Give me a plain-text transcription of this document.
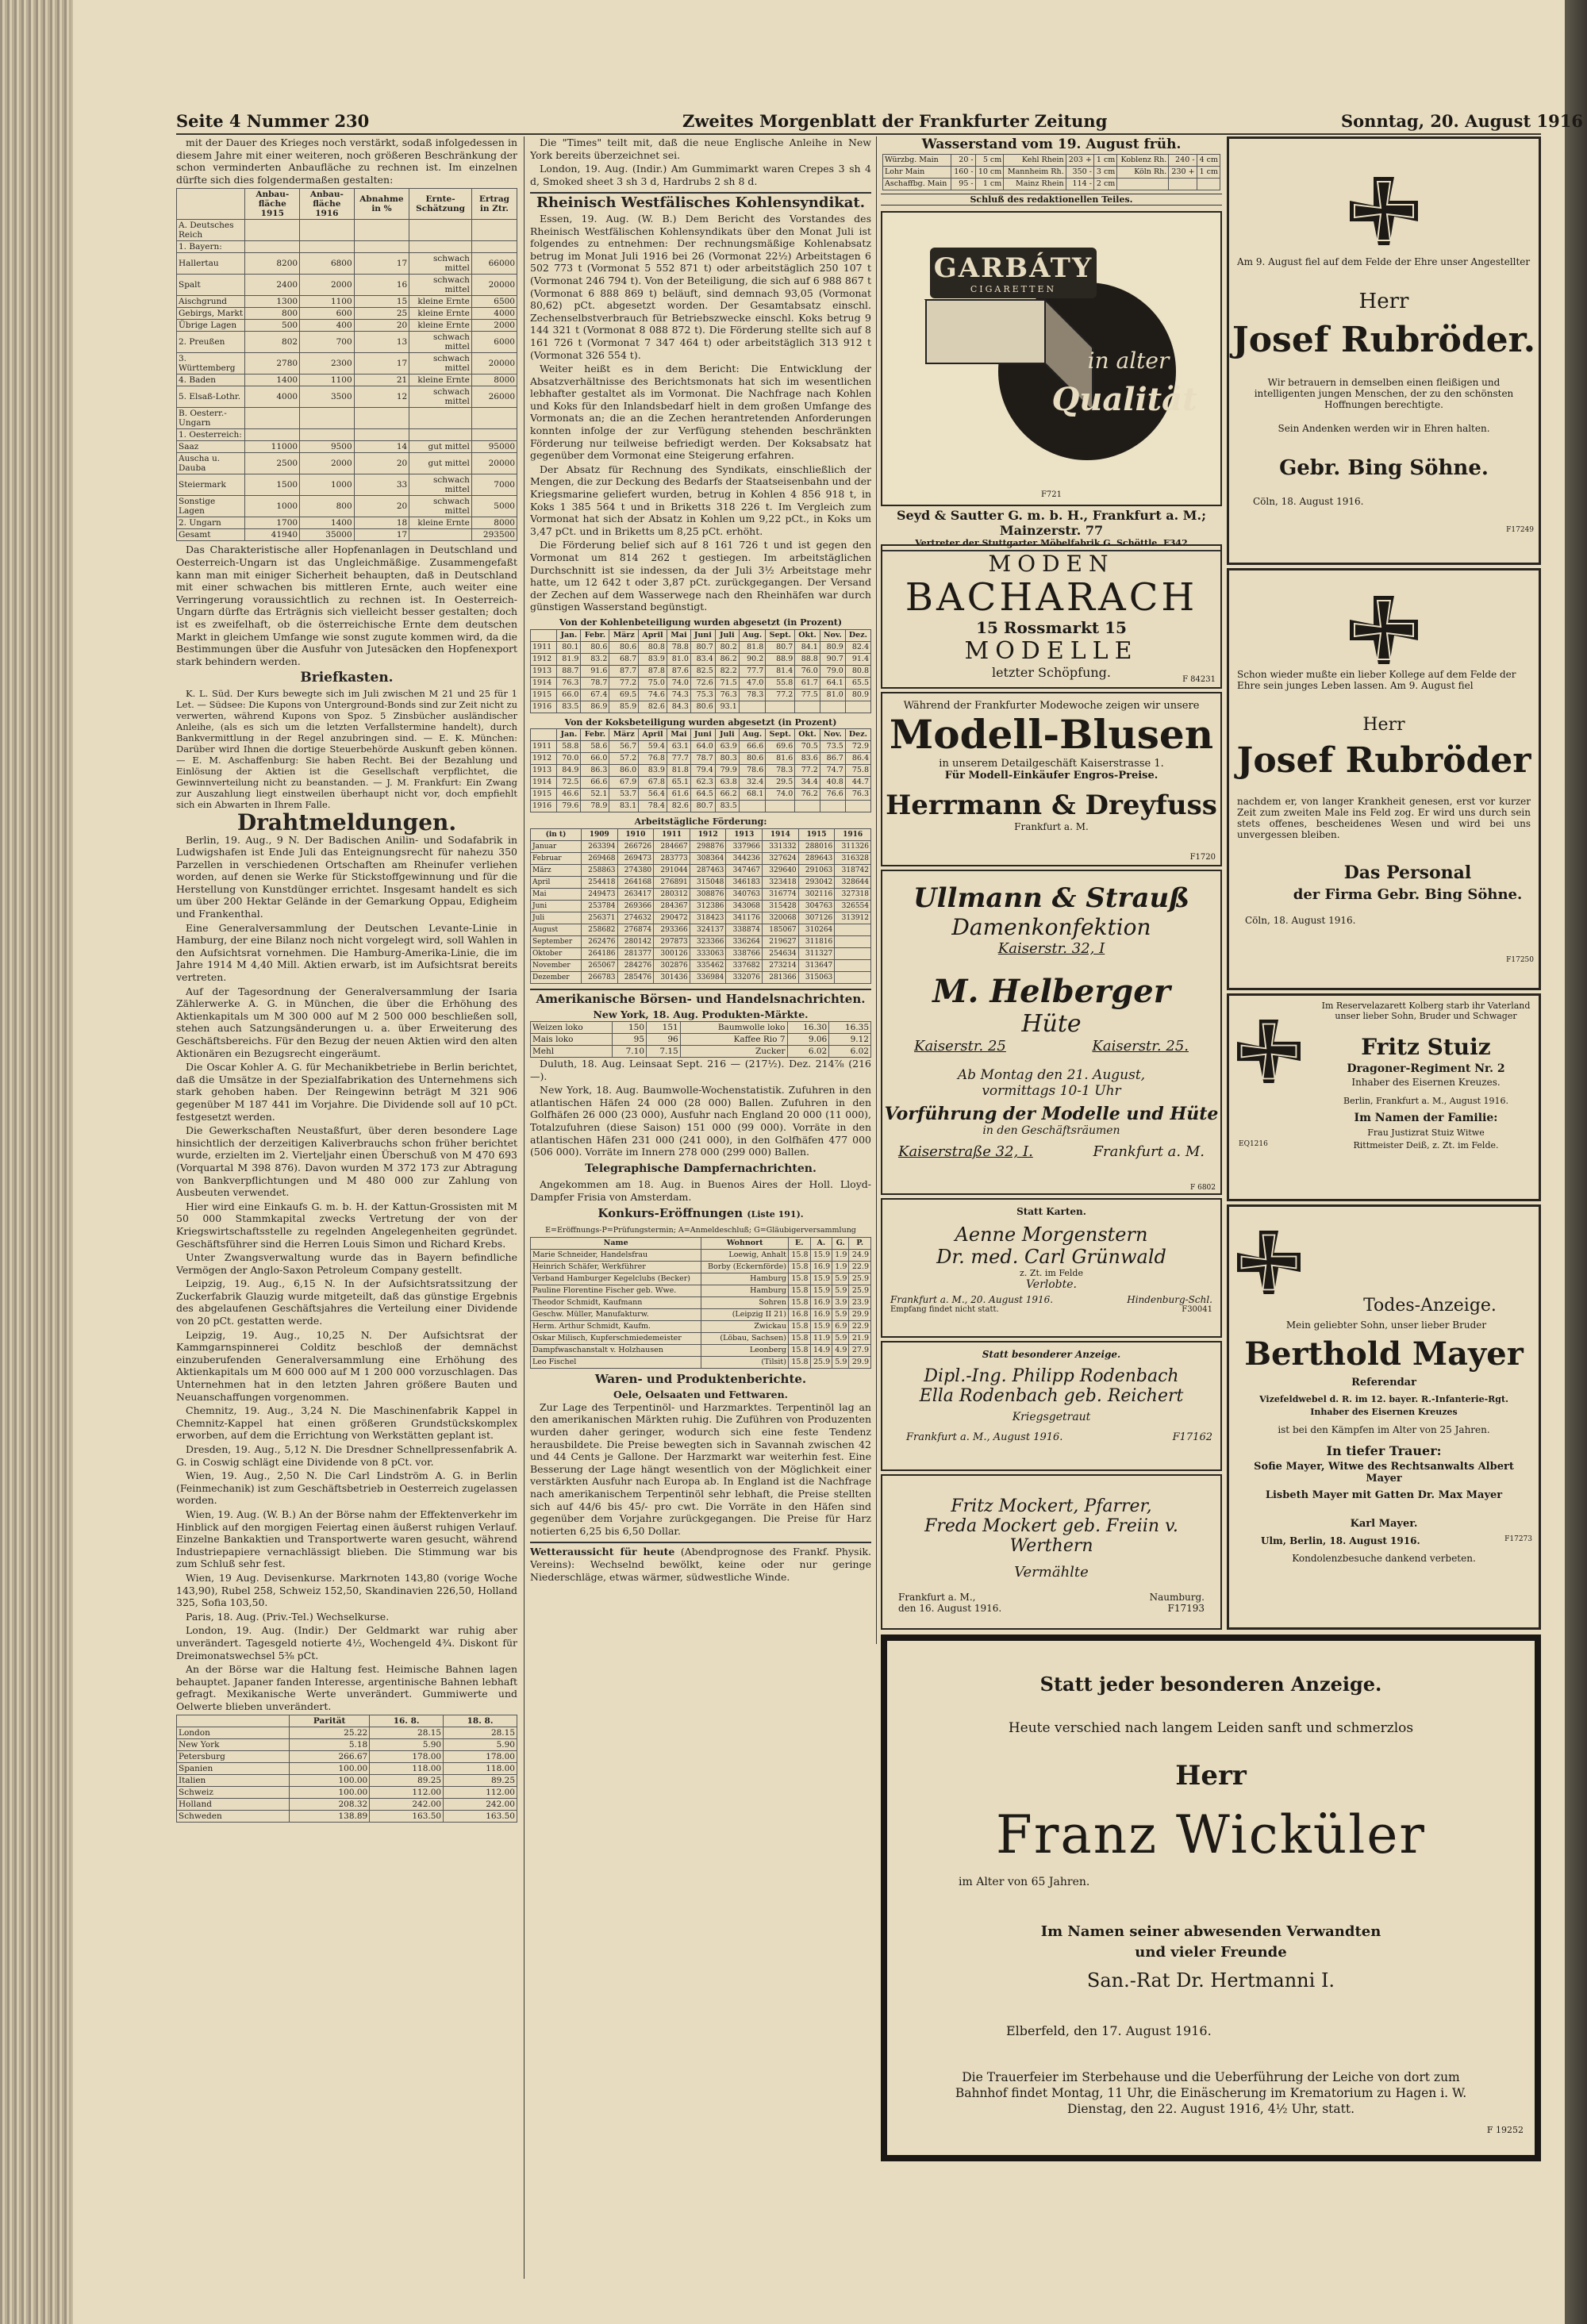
Seite 4 Nummer 230	Zweites Morgenblatt der Frankfurter Zeitung	Sonntag, 20. August 1916

mit der Dauer des Krieges noch verstärkt, sodaß infolgedessen in diesem Jahre mit einer weiteren, noch größeren Beschränkung der schon verminderten Anbaufläche zu rechnen ist. Im einzelnen dürfte sich dies folgendermaßen gestalten:

	Anbau-fläche 1915	Anbau-fläche 1916	Abnahme in %	Ernte-Schätzung	Ertrag in Ztr.
A. Deutsches Reich					
1. Bayern:					
Hallertau	8200	6800	17	schwach mittel	66000
Spalt	2400	2000	16	schwach mittel	20000
Aischgrund	1300	1100	15	kleine Ernte	6500
Gebirgs, Markt	800	600	25	kleine Ernte	4000
Übrige Lagen	500	400	20	kleine Ernte	2000
2. Preußen	802	700	13	schwach mittel	6000
3. Württemberg	2780	2300	17	schwach mittel	20000
4. Baden	1400	1100	21	kleine Ernte	8000
5. Elsaß-Lothr.	4000	3500	12	schwach mittel	26000
B. Oesterr.-Ungarn					
1. Oesterreich:					
Saaz	11000	9500	14	gut mittel	95000
Auscha u. Dauba	2500	2000	20	gut mittel	20000
Steiermark	1500	1000	33	schwach mittel	7000
Sonstige Lagen	1000	800	20	schwach mittel	5000
2. Ungarn	1700	1400	18	kleine Ernte	8000
Gesamt	41940	35000	17		293500

Das Charakteristische aller Hopfenanlagen in Deutschland und Oesterreich-Ungarn ist das Ungleichmäßige. Zusammengefaßt kann man mit einiger Sicherheit behaupten, daß in Deutschland mit einer schwachen bis mittleren Ernte, auch weiter eine Verringerung voraussichtlich zu rechnen ist. In Oesterreich-Ungarn dürfte das Erträgnis sich vielleicht besser gestalten; doch ist es zweifelhaft, ob die österreichische Ernte dem deutschen Markt in gleichem Umfange wie sonst zugute kommen wird, da die Bestimmungen über die Ausfuhr von Jutesäcken den Hopfenexport stark behindern werden.

Briefkasten.

K. L. Süd. Der Kurs bewegte sich im Juli zwischen M 21 und 25 für 1 Let. — Südsee: Die Kupons von Unterground-Bonds sind zur Zeit nicht zu verwerten, während Kupons von Spoz. 5 Zinsbücher ausländischer Anleihe, (als es sich um die letzten Verfallstermine handelt), durch Bankvermittlung in der Regel anzubringen sind. — E. K. München: Darüber wird Ihnen die dortige Steuerbehörde Auskunft geben können. — E. M. Aschaffenburg: Sie haben Recht. Bei der Bezahlung und Einlösung der Aktien ist die Gesellschaft verpflichtet, die Gewinnverteilung nicht zu beanstanden. — J. M. Frankfurt: Ein Zwang zur Auszahlung liegt einstweilen überhaupt nicht vor, doch empfiehlt sich ein Abwarten in Ihrem Falle.

Drahtmeldungen.

Berlin, 19. Aug., 9 N. Der Badischen Anilin- und Sodafabrik in Ludwigshafen ist Ende Juli das Enteignungsrecht für nahezu 350 Parzellen in verschiedenen Ortschaften am Rheinufer verliehen worden, auf denen sie Werke für Stickstoffgewinnung und für die Herstellung von Kunstdünger errichtet. Insgesamt handelt es sich um über 200 Hektar Gelände in der Gemarkung Oppau, Edigheim und Frankenthal.

Eine Generalversammlung der Deutschen Levante-Linie in Hamburg, der eine Bilanz noch nicht vorgelegt wird, soll Wahlen in den Aufsichtsrat vornehmen. Die Hamburg-Amerika-Linie, die im Jahre 1914 M 4,40 Mill. Aktien erwarb, ist im Aufsichtsrat bereits vertreten.

Auf der Tagesordnung der Generalversammlung der Isaria Zählerwerke A. G. in München, die über die Erhöhung des Aktienkapitals um M 300 000 auf M 2 500 000 beschließen soll, stehen auch Satzungsänderungen u. a. über Erweiterung des Geschäftsbereichs. Für den Bezug der neuen Aktien wird den alten Aktionären ein Bezugsrecht eingeräumt.

Die Oscar Kohler A. G. für Mechanikbetriebe in Berlin berichtet, daß die Umsätze in der Spezialfabrikation des Unternehmens sich stark gehoben haben. Der Reingewinn beträgt M 321 906 gegenüber M 187 441 im Vorjahre. Die Dividende soll auf 10 pCt. festgesetzt werden.

Die Gewerkschaften Neustaßfurt, über deren besondere Lage hinsichtlich der derzeitigen Kaliverbrauchs schon früher berichtet wurde, erzielten im 2. Vierteljahr einen Überschuß von M 470 693 (Vorquartal M 398 876). Davon wurden M 372 173 zur Abtragung von Bankverpflichtungen und M 480 000 zur Zahlung von Ausbeuten verwendet.

Hier wird eine Einkaufs G. m. b. H. der Kattun-Grossisten mit M 50 000 Stammkapital zwecks Vertretung der von der Kriegswirtschaftsstelle zu regelnden Angelegenheiten gegründet. Geschäftsführer sind die Herren Louis Simon und Richard Krebs.

Unter Zwangsverwaltung wurde das in Bayern befindliche Vermögen der Anglo-Saxon Petroleum Company gestellt.

Leipzig, 19. Aug., 6,15 N. In der Aufsichtsratssitzung der Zuckerfabrik Glauzig wurde mitgeteilt, daß das günstige Ergebnis des abgelaufenen Geschäftsjahres die Verteilung einer Dividende von 20 pCt. gestatten werde.

Leipzig, 19. Aug., 10,25 N. Der Aufsichtsrat der Kammgarnspinnerei Colditz beschloß der demnächst einzuberufenden Generalversammlung eine Erhöhung des Aktienkapitals um M 600 000 auf M 1 200 000 vorzuschlagen. Das Unternehmen hat in den letzten Jahren größere Bauten und Neuanschaffungen vorgenommen.

Chemnitz, 19. Aug., 3,24 N. Die Maschinenfabrik Kappel in Chemnitz-Kappel hat einen größeren Grundstückskomplex erworben, auf dem die Errichtung von Werkstätten geplant ist.

Dresden, 19. Aug., 5,12 N. Die Dresdner Schnellpressenfabrik A. G. in Coswig schlägt eine Dividende von 8 pCt. vor.

Wien, 19. Aug., 2,50 N. Die Carl Lindström A. G. in Berlin (Feinmechanik) ist zum Geschäftsbetrieb in Oesterreich zugelassen worden.

Wien, 19. Aug. (W. B.) An der Börse nahm der Effektenverkehr im Hinblick auf den morgigen Feiertag einen äußerst ruhigen Verlauf. Einzelne Bankaktien und Transportwerte waren gesucht, während Industriepapiere vernachlässigt blieben. Die Stimmung war bis zum Schluß sehr fest.

Wien, 19 Aug. Devisenkurse. Markrnoten 143,80 (vorige Woche 143,90), Rubel 258, Schweiz 152,50, Skandinavien 226,50, Holland 325, Sofia 103,50.

Paris, 18. Aug. (Priv.-Tel.) Wechselkurse.

London, 19. Aug. (Indir.) Der Geldmarkt war ruhig aber unverändert. Tagesgeld notierte 4½, Wochengeld 4¾. Diskont für Dreimonatswechsel 5⅜ pCt.

An der Börse war die Haltung fest. Heimische Bahnen lagen behauptet. Japaner fanden Interesse, argentinische Bahnen lebhaft gefragt. Mexikanische Werte unverändert. Gummiwerte und Oelwerte blieben unverändert.

	Parität	16. 8.	18. 8.
London	25.22	28.15	28.15
New York	5.18	5.90	5.90
Petersburg	266.67	178.00	178.00
Spanien	100.00	118.00	118.00
Italien	100.00	89.25	89.25
Schweiz	100.00	112.00	112.00
Holland	208.32	242.00	242.00
Schweden	138.89	163.50	163.50

Die "Times" teilt mit, daß die neue Englische Anleihe in New York bereits überzeichnet sei.

London, 19. Aug. (Indir.) Am Gummimarkt waren Crepes 3 sh 4 d, Smoked sheet 3 sh 3 d, Hardrubs 2 sh 8 d.

Rheinisch Westfälisches Kohlensyndikat.

Essen, 19. Aug. (W. B.) Dem Bericht des Vorstandes des Rheinisch Westfälischen Kohlensyndikats über den Monat Juli ist folgendes zu entnehmen: Der rechnungsmäßige Kohlenabsatz betrug im Monat Juli 1916 bei 26 (Vormonat 22½) Arbeitstagen 6 502 773 t (Vormonat 5 552 871 t) oder arbeitstäglich 250 107 t (Vormonat 246 794 t). Von der Beteiligung, die sich auf 6 988 867 t (Vormonat 6 888 869 t) beläuft, sind demnach 93,05 (Vormonat 80,62) pCt. abgesetzt worden. Der Gesamtabsatz einschl. Zechenselbstverbrauch für Betriebszwecke einschl. Koks betrug 9 144 321 t (Vormonat 8 088 872 t). Die Förderung stellte sich auf 8 161 726 t (Vormonat 7 347 464 t) oder arbeitstäglich 313 912 t (Vormonat 326 554 t).

Weiter heißt es in dem Bericht: Die Entwicklung der Absatzverhältnisse des Berichtsmonats hat sich im wesentlichen lebhafter gestaltet als im Vormonat. Die Nachfrage nach Kohlen und Koks für den Inlandsbedarf hielt in dem großen Umfange des Vormonats an; die an die Zechen herantretenden Anforderungen konnten infolge der zur Verfügung stehenden beschränkten Förderung nur teilweise befriedigt werden. Der Koksabsatz hat gegenüber dem Vormonat eine Steigerung erfahren.

Der Absatz für Rechnung des Syndikats, einschließlich der Mengen, die zur Deckung des Bedarfs der Staatseisenbahn und der Kriegsmarine geliefert wurden, betrug in Kohlen 4 856 918 t, in Koks 1 385 564 t und in Briketts 318 226 t. Im Vergleich zum Vormonat hat sich der Absatz in Kohlen um 9,22 pCt., in Koks um 3,47 pCt. und in Briketts um 8,25 pCt. erhöht.

Die Förderung belief sich auf 8 161 726 t und ist gegen den Vormonat um 814 262 t gestiegen. Im arbeitstäglichen Durchschnitt ist sie indessen, da der Juli 3½ Arbeitstage mehr hatte, um 12 642 t oder 3,87 pCt. zurückgegangen. Der Versand der Zechen auf dem Wasserwege nach den Rheinhäfen war durch günstigen Wasserstand begünstigt.

Von der Kohlenbeteiligung wurden abgesetzt (in Prozent)
	Jan.	Febr.	März	April	Mai	Juni	Juli	Aug.	Sept.	Okt.	Nov.	Dez.
1911	80.1	80.6	80.6	80.8	78.8	80.7	80.2	81.8	80.7	84.1	80.9	82.4
1912	81.9	83.2	68.7	83.9	81.0	83.4	86.2	90.2	88.9	88.8	90.7	91.4
1913	88.7	91.6	87.7	87.8	87.6	82.5	82.2	77.7	81.4	76.0	79.0	80.8
1914	76.3	78.7	77.2	75.0	74.0	72.6	71.5	47.0	55.8	61.7	64.1	65.5
1915	66.0	67.4	69.5	74.6	74.3	75.3	76.3	78.3	77.2	77.5	81.0	80.9
1916	83.5	86.9	85.9	82.6	84.3	80.6	93.1					
Von der Koksbeteiligung wurden abgesetzt (in Prozent)
	Jan.	Febr.	März	April	Mai	Juni	Juli	Aug.	Sept.	Okt.	Nov.	Dez.
1911	58.8	58.6	56.7	59.4	63.1	64.0	63.9	66.6	69.6	70.5	73.5	72.9
1912	70.0	66.0	57.2	76.8	77.7	78.7	80.3	80.6	81.6	83.6	86.7	86.4
1913	84.9	86.3	86.0	83.9	81.8	79.4	79.9	78.6	78.3	77.2	74.7	75.8
1914	72.5	66.6	67.9	67.8	65.1	62.3	63.8	32.4	29.5	34.4	40.8	44.7
1915	46.6	52.1	53.7	56.4	61.6	64.5	66.2	68.1	74.0	76.2	76.6	76.3
1916	79.6	78.9	83.1	78.4	82.6	80.7	83.5					
Arbeitstägliche Förderung:
(in t)	1909	1910	1911	1912	1913	1914	1915	1916
Januar	263394	266726	284667	298876	337966	331332	288016	311326
Februar	269468	269473	283773	308364	344236	327624	289643	316328
März	258863	274380	291044	287463	347467	329640	291063	318742
April	254418	264168	276891	315048	346183	323418	293042	328644
Mai	249473	263417	280312	308876	340763	316774	302116	327318
Juni	253784	269366	284367	312386	343068	315428	304763	326554
Juli	256371	274632	290472	318423	341176	320068	307126	313912
August	258682	276874	293366	324137	338874	185067	310264	
September	262476	280142	297873	323366	336264	219627	311816	
Oktober	264186	281377	300126	333063	338766	254634	311327	
November	265067	284276	302876	335462	337682	273214	313647	
Dezember	266783	285476	301436	336984	332076	281366	315063	
Amerikanische Börsen- und Handelsnachrichten.
New York, 18. Aug. Produkten-Märkte.
Weizen loko	150	151	Baumwolle loko	16.30	16.35
Mais loko	95	96	Kaffee Rio 7	9.06	9.12
Mehl	7.10	7.15	Zucker	6.02	6.02

Duluth, 18. Aug. Leinsaat Sept. 216 — (217½). Dez. 214⅞ (216 —).

New York, 18. Aug. Baumwolle-Wochenstatistik. Zufuhren in den atlantischen Häfen 24 000 (28 000) Ballen. Zufuhren in den Golfhäfen 26 000 (23 000), Ausfuhr nach England 20 000 (11 000), Totalzufuhren (diese Saison) 151 000 (99 000). Vorräte in den atlantischen Häfen 231 000 (241 000), in den Golfhäfen 477 000 (506 000). Vorräte im Innern 278 000 (299 000) Ballen.

Telegraphische Dampfernachrichten.

Angekommen am 18. Aug. in Buenos Aires der Holl. Lloyd-Dampfer Frisia von Amsterdam.

Konkurs-Eröffnungen (Liste 191).
E=Eröffnungs-P=Prüfungstermin; A=Anmeldeschluß; G=Gläubigerversammlung
Name	Wohnort	E.	A.	G.	P.
Marie Schneider, Handelsfrau	Loewig, Anhalt	15.8	15.9	1.9	24.9
Heinrich Schäfer, Werkführer	Borby (Eckernförde)	15.8	16.9	1.9	22.9
Verband Hamburger Kegelclubs (Becker)	Hamburg	15.8	15.9	5.9	25.9
Pauline Florentine Fischer geb. Wwe.	Hamburg	15.8	15.9	5.9	25.9
Theodor Schmidt, Kaufmann	Sohren	15.8	16.9	3.9	23.9
Geschw. Müller, Manufakturw.	(Leipzig II 21)	16.8	16.9	5.9	29.9
Herm. Arthur Schmidt, Kaufm.	Zwickau	15.8	15.9	6.9	22.9
Oskar Milisch, Kupferschmiedemeister	(Löbau, Sachsen)	15.8	11.9	5.9	21.9
Dampfwaschanstalt v. Holzhausen	Leonberg	15.8	14.9	4.9	27.9
Leo Fischel	(Tilsit)	15.8	25.9	5.9	29.9
Waren- und Produktenberichte.
Oele, Oelsaaten und Fettwaren.

Zur Lage des Terpentinöl- und Harzmarktes. Terpentinöl lag an den amerikanischen Märkten ruhig. Die Zuführen von Produzenten wurden daher geringer, wodurch sich eine feste Tendenz herausbildete. Die Preise bewegten sich in Savannah zwischen 42 und 44 Cents je Gallone. Der Harzmarkt war weiterhin fest. Eine Besserung der Lage hängt wesentlich von der Möglichkeit einer verstärkten Ausfuhr nach Europa ab. In England ist die Nachfrage nach amerikanischem Terpentinöl sehr lebhaft, die Preise stellten sich auf 44/6 bis 45/- pro cwt. Die Vorräte in den Häfen sind gegenüber dem Vorjahre zurückgegangen. Die Preise für Harz notierten 6,25 bis 6,50 Dollar.

Wetteraussicht für heute (Abendprognose des Frankf. Physik. Vereins): Wechselnd bewölkt, keine oder nur geringe Niederschläge, etwas wärmer, südwestliche Winde.
Wasserstand vom 19. August früh.
Würzbg. Main	20 -	5 cm	Kehl Rhein	203 +	1 cm	Koblenz Rh.	240 -	4 cm
Lohr Main	160 -	10 cm	Mannheim Rh.	350 -	3 cm	Köln Rh.	230 +	1 cm
Aschaffbg. Main	95 -	1 cm	Mainz Rhein	114 -	2 cm			
Schluß des redaktionellen Teiles.
GARBÁTY
CIGARETTEN
in alter
Qualität
F721
Seyd & Sautter G. m. b. H., Frankfurt a. M.; Mainzerstr. 77
Vertreter der Stuttgarter Möbelfabrik G. Schöttle. F342
MODEN
BACHARACH
15 Rossmarkt 15
MODELLE
letzter Schöpfung.	F 84231
Während der Frankfurter Modewoche zeigen wir unsere
Modell-Blusen
in unserem Detailgeschäft Kaiserstrasse 1.
Für Modell-Einkäufer Engros-Preise.
Herrmann & Dreyfuss
Frankfurt a. M.
F1720
Ullmann & Strauß
Damenkonfektion
Kaiserstr. 32, I
M. Helberger
Hüte
Kaiserstr. 25	Kaiserstr. 25.
Ab Montag den 21. August,
vormittags 10-1 Uhr
Vorführung der Modelle und Hüte
in den Geschäftsräumen
Kaiserstraße 32, I.	Frankfurt a. M.
F 6802
Statt Karten.
Aenne Morgenstern
Dr. med. Carl Grünwald
z. Zt. im Felde
Verlobte.
Frankfurt a. M., 20. August 1916.	Hindenburg-Schl.
Empfang findet nicht statt.	F30041
Statt besonderer Anzeige.
Dipl.-Ing. Philipp Rodenbach
Ella Rodenbach geb. Reichert
Kriegsgetraut
Frankfurt a. M., August 1916.	F17162
Fritz Mockert, Pfarrer,
Freda Mockert geb. Freiin v. Werthern
Vermählte
Frankfurt a. M.,	Naumburg.
den 16. August 1916.	F17193
Am 9. August fiel auf dem Felde der Ehre unser Angestellter
Herr
Josef Rubröder.
Wir betrauern in demselben einen fleißigen und intelligenten jungen Menschen, der zu den schönsten Hoffnungen berechtigte.
Sein Andenken werden wir in Ehren halten.
Gebr. Bing Söhne.
Cöln, 18. August 1916.
F17249
Schon wieder mußte ein lieber Kollege auf dem Felde der Ehre sein junges Leben lassen. Am 9. August fiel
Herr
Josef Rubröder
nachdem er, von langer Krankheit genesen, erst vor kurzer Zeit zum zweiten Male ins Feld zog. Er wird uns durch sein stets offenes, bescheidenes Wesen und wird bei uns unvergessen bleiben.
Das Personal
der Firma Gebr. Bing Söhne.
Cöln, 18. August 1916.
F17250
Im Reservelazarett Kolberg starb ihr Vaterland unser lieber Sohn, Bruder und Schwager
Fritz Stuiz
Dragoner-Regiment Nr. 2
Inhaber des Eisernen Kreuzes.
Berlin, Frankfurt a. M., August 1916.
Im Namen der Familie:
Frau Justizrat Stuiz Witwe
Rittmeister Deiß, z. Zt. im Felde.
EQ1216
Todes-Anzeige.
Mein geliebter Sohn, unser lieber Bruder
Berthold Mayer
Referendar
Vizefeldwebel d. R. im 12. bayer. R.-Infanterie-Rgt.
Inhaber des Eisernen Kreuzes
ist bei den Kämpfen im Alter von 25 Jahren.
In tiefer Trauer:
Sofie Mayer, Witwe des Rechtsanwalts Albert Mayer
Lisbeth Mayer mit Gatten Dr. Max Mayer
Karl Mayer.
Ulm, Berlin, 18. August 1916.	F17273
Kondolenzbesuche dankend verbeten.
Statt jeder besonderen Anzeige.
Heute verschied nach langem Leiden sanft und schmerzlos
Herr
Franz Wicküler
im Alter von 65 Jahren.
Im Namen seiner abwesenden Verwandten
und vieler Freunde
San.-Rat Dr. Hertmanni I.
Elberfeld, den 17. August 1916.
Die Trauerfeier im Sterbehause und die Ueberführung der Leiche von dort zum Bahnhof findet Montag, 11 Uhr, die Einäscherung im Krematorium zu Hagen i. W. Dienstag, den 22. August 1916, 4½ Uhr, statt.
F 19252
